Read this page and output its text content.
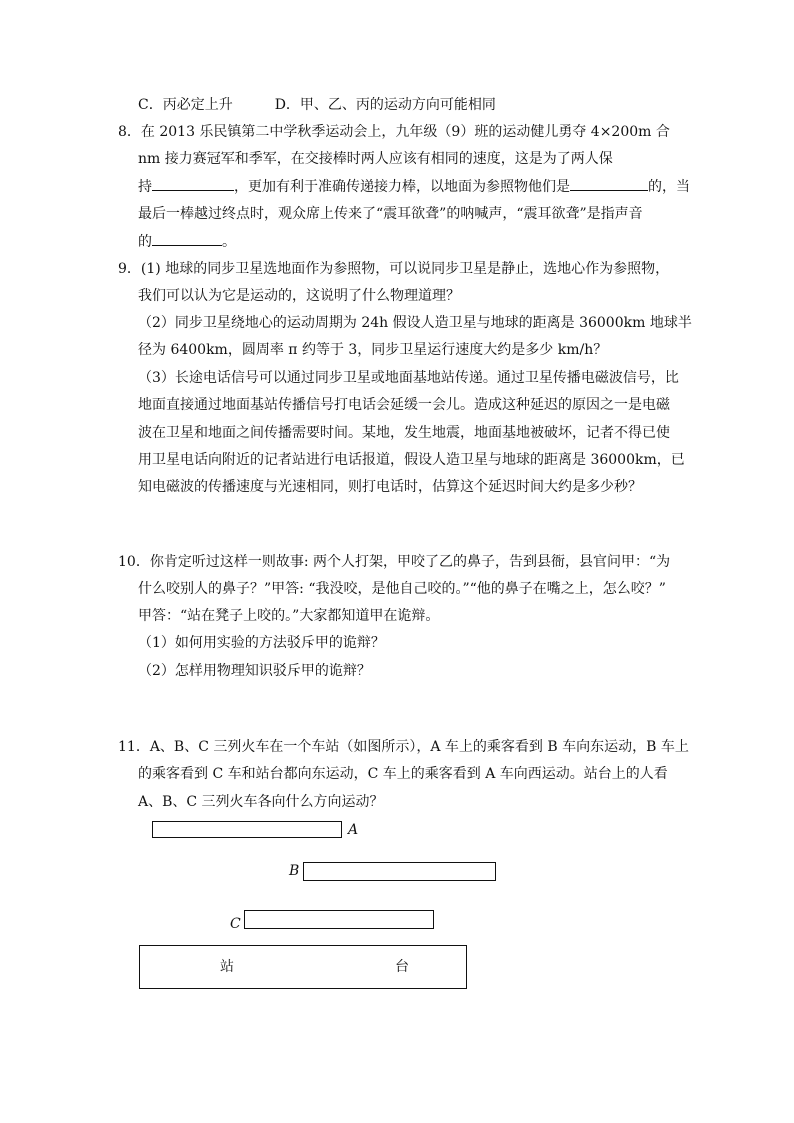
C．丙必定上升　　　D．甲、乙、丙的运动方向可能相同
8．在 2013 乐民镇第二中学秋季运动会上，九年级（9）班的运动健儿勇夺 4×200m 合
nm 接力赛冠军和季军，在交接棒时两人应该有相同的速度，这是为了两人保
持	，更加有利于准确传递接力棒，以地面为参照物他们是	的，当
最后一棒越过终点时，观众席上传来了“震耳欲聋”的呐喊声，“震耳欲聋”是指声音
的	。
9．(1) 地球的同步卫星选地面作为参照物，可以说同步卫星是静止，选地心作为参照物，
我们可以认为它是运动的，这说明了什么物理道理？
（2）同步卫星绕地心的运动周期为 24h 假设人造卫星与地球的距离是 36000km 地球半
径为 6400km，圆周率 π 约等于 3，同步卫星运行速度大约是多少 km/h？
（3）长途电话信号可以通过同步卫星或地面基地站传递。通过卫星传播电磁波信号，比
地面直接通过地面基站传播信号打电话会延缓一会儿。造成这种延迟的原因之一是电磁
波在卫星和地面之间传播需要时间。某地，发生地震，地面基地被破坏，记者不得已使
用卫星电话向附近的记者站进行电话报道，假设人造卫星与地球的距离是 36000km，已
知电磁波的传播速度与光速相同，则打电话时，估算这个延迟时间大约是多少秒？
10．你肯定听过这样一则故事: 两个人打架，甲咬了乙的鼻子，告到县衙，县官问甲：“为
什么咬别人的鼻子？”甲答: “我没咬，是他自己咬的。”“他的鼻子在嘴之上，怎么咬？”
甲答：“站在凳子上咬的。”大家都知道甲在诡辩。
（1）如何用实验的方法驳斥甲的诡辩？
（2）怎样用物理知识驳斥甲的诡辩？
11．A、B、C 三列火车在一个车站（如图所示），A 车上的乘客看到 B 车向东运动，B 车上
的乘客看到 C 车和站台都向东运动，C 车上的乘客看到 A 车向西运动。站台上的人看
A、B、C 三列火车各向什么方向运动？
A
B
C
站	台
